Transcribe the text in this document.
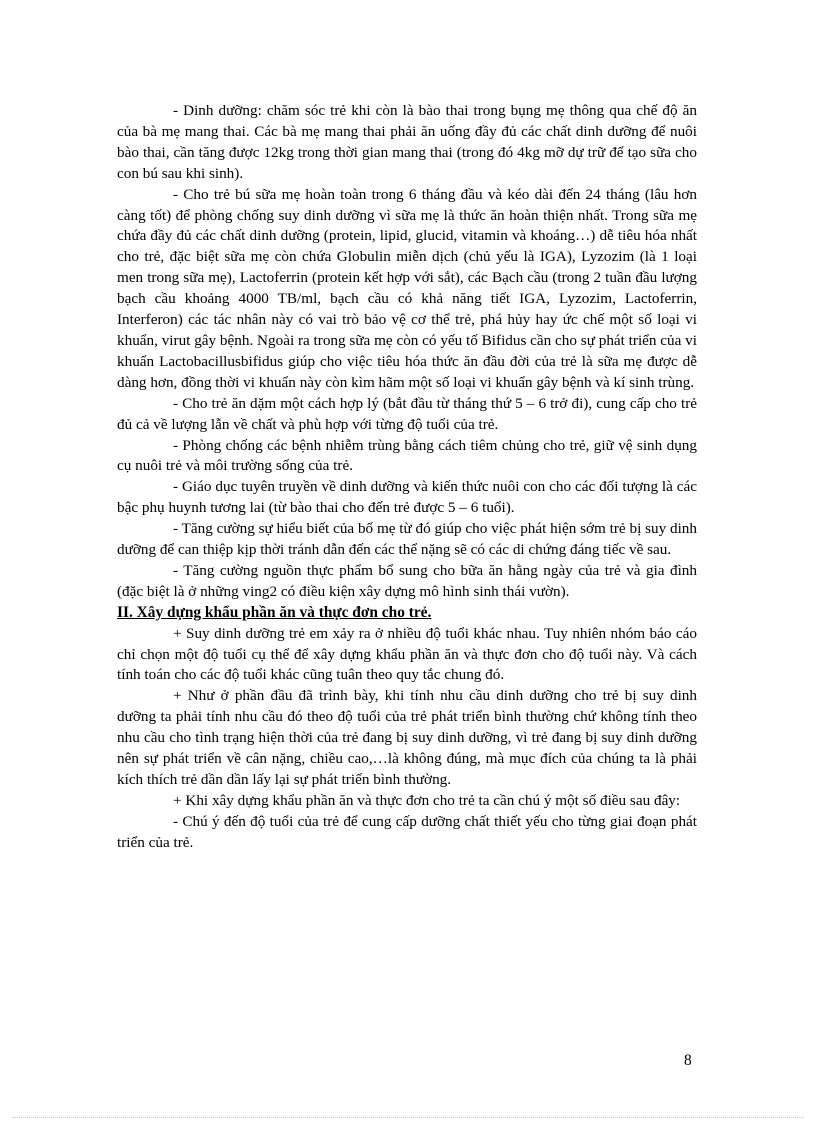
- Dinh dưỡng: chăm sóc trẻ khi còn là bào thai trong bụng mẹ thông qua chế độ ăn của bà mẹ mang thai. Các bà mẹ mang thai phải ăn uống đầy đủ các chất dinh dưỡng để nuôi bào thai, cần tăng được 12kg trong thời gian mang thai (trong đó 4kg mỡ dự trữ để tạo sữa cho con bú sau khi sinh).

- Cho trẻ bú sữa mẹ hoàn toàn trong 6 tháng đầu và kéo dài đến 24 tháng (lâu hơn càng tốt) để phòng chống suy dinh dưỡng vì sữa mẹ là thức ăn hoàn thiện nhất. Trong sữa mẹ chứa đầy đủ các chất dinh dưỡng (protein, lipid, glucid, vitamin và khoáng…) dễ tiêu hóa nhất cho trẻ, đặc biệt sữa mẹ còn chứa Globulin miễn dịch (chủ yếu là IGA), Lyzozim (là 1 loại men trong sữa mẹ), Lactoferrin (protein kết hợp với sắt), các Bạch cầu (trong 2 tuần đầu lượng bạch cầu khoảng 4000 TB/ml, bạch cầu có khả năng tiết IGA, Lyzozim, Lactoferrin, Interferon) các tác nhân này có vai trò bảo vệ cơ thể trẻ, phá hủy hay ức chế một số loại vi khuẩn, virut gây bệnh. Ngoài ra trong sữa mẹ còn có yếu tố Bifidus cần cho sự phát triển của vi khuẩn Lactobacillusbifidus giúp cho việc tiêu hóa thức ăn đầu đời của trẻ là sữa mẹ được dễ dàng hơn, đồng thời vi khuẩn này còn kìm hãm một số loại vi khuẩn gây bệnh và kí sinh trùng.

- Cho trẻ ăn dặm một cách hợp lý (bắt đầu từ tháng thứ 5 – 6 trở đi), cung cấp cho trẻ đủ cả về lượng lẫn về chất và phù hợp với từng độ tuổi của trẻ.

- Phòng chống các bệnh nhiễm trùng bằng cách tiêm chủng cho trẻ, giữ vệ sinh dụng cụ nuôi trẻ và môi trường sống của trẻ.

- Giáo dục tuyên truyền về dinh dưỡng và kiến thức nuôi con cho các đối tượng là các bậc phụ huynh tương lai (từ bào thai cho đến trẻ được 5 – 6 tuổi).

- Tăng cường sự hiểu biết của bố mẹ từ đó giúp cho việc phát hiện sớm trẻ bị suy dinh dưỡng để can thiệp kịp thời tránh dẫn đến các thể nặng sẽ có các di chứng đáng tiếc về sau.

- Tăng cường nguồn thực phẩm bổ sung cho bữa ăn hằng ngày của trẻ và gia đình (đặc biệt là ở những ving2 có điều kiện xây dựng mô hình sinh thái vườn).

II. Xây dựng khẩu phần ăn và thực đơn cho trẻ.

+ Suy dinh dưỡng trẻ em xảy ra ở nhiều độ tuổi khác nhau. Tuy nhiên nhóm báo cáo chỉ chọn một độ tuổi cụ thể để xây dựng khẩu phần ăn và thực đơn cho độ tuổi này. Và cách tính toán cho các độ tuổi khác cũng tuân theo quy tắc chung đó.

+ Như ở phần đầu đã trình bày, khi tính nhu cầu dinh dưỡng cho trẻ bị suy dinh dưỡng ta phải tính nhu cầu đó theo độ tuổi của trẻ phát triển bình thường chứ không tính theo nhu cầu cho tình trạng hiện thời của trẻ đang bị suy dinh dưỡng, vì trẻ đang bị suy dinh dưỡng nên sự phát triển về cân nặng, chiều cao,…là không đúng, mà mục đích của chúng ta là phải kích thích trẻ dần dần lấy lại sự phát triển bình thường.

+ Khi xây dựng khẩu phần ăn và thực đơn cho trẻ ta cần chú ý một số điều sau đây:

- Chú ý đến độ tuổi của trẻ để cung cấp dưỡng chất thiết yếu cho từng giai đoạn phát triển của trẻ.

8
